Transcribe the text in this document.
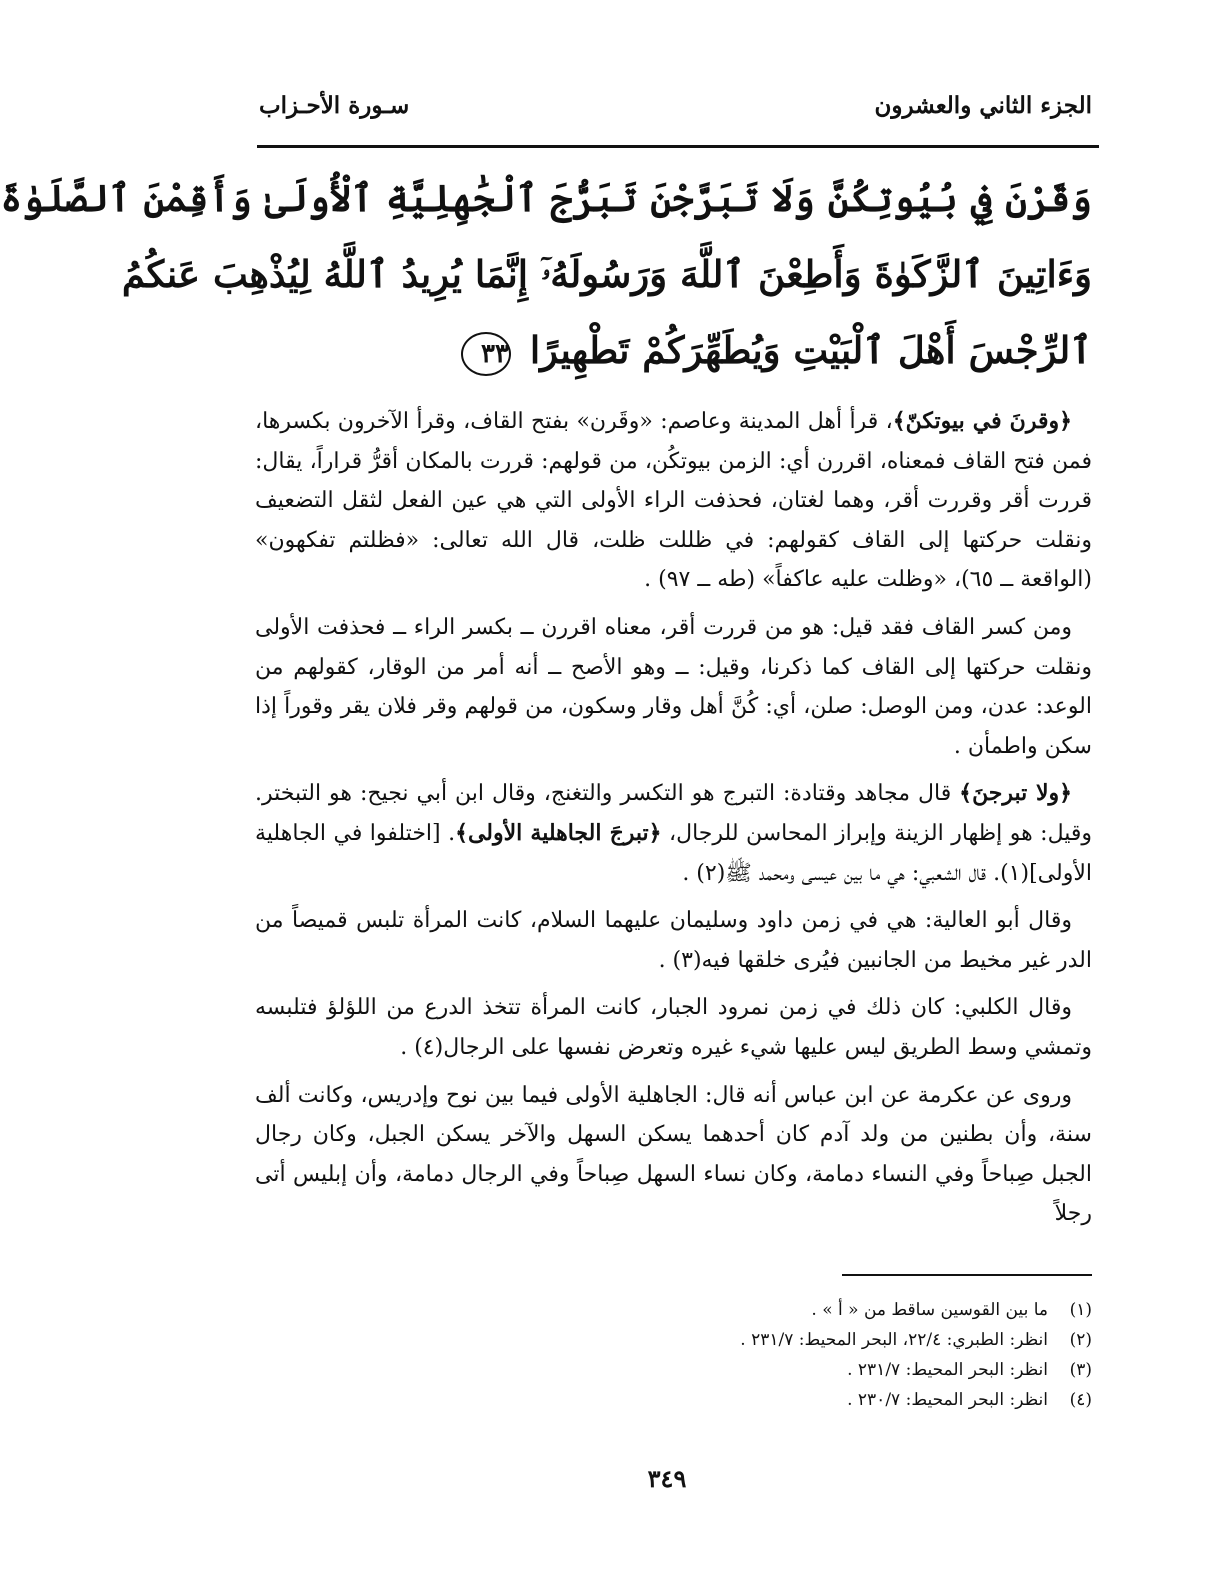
الجزء الثاني والعشرون
سـورة الأحـزاب
وَقَرْنَ فِي بُيُوتِكُنَّ وَلَا تَبَرَّجْنَ تَبَرُّجَ ٱلْجَٰهِلِيَّةِ ٱلْأُولَىٰ وَأَقِمْنَ ٱلصَّلَوٰةَ
وَءَاتِينَ ٱلزَّكَوٰةَ وَأَطِعْنَ ٱللَّهَ وَرَسُولَهُۥٓ إِنَّمَا يُرِيدُ ٱللَّهُ لِيُذْهِبَ عَنكُمُ
ٱلرِّجْسَ أَهْلَ ٱلْبَيْتِ وَيُطَهِّرَكُمْ تَطْهِيرًا ٣٣

﴿وقرنَ في بيوتكنّ﴾، قرأ أهل المدينة وعاصم: «وقَرن» بفتح القاف، وقرأ الآخرون بكسرها، فمن فتح القاف فمعناه، اقررن أي: الزمن بيوتكُن، من قولهم: قررت بالمكان أقرُّ قراراً، يقال: قررت أقر وقررت أقر، وهما لغتان، فحذفت الراء الأولى التي هي عين الفعل لثقل التضعيف ونقلت حركتها إلى القاف كقولهم: في ظللت ظلت، قال الله تعالى: «فظلتم تفكهون» (الواقعة ــ ٦٥)، «وظلت عليه عاكفاً» (طه ــ ٩٧) .

ومن كسر القاف فقد قيل: هو من قررت أقر، معناه اقررن ــ بكسر الراء ــ فحذفت الأولى ونقلت حركتها إلى القاف كما ذكرنا، وقيل: ــ وهو الأصح ــ أنه أمر من الوقار، كقولهم من الوعد: عدن، ومن الوصل: صلن، أي: كُنَّ أهل وقار وسكون، من قولهم وقر فلان يقر وقوراً إذا سكن واطمأن .

﴿ولا تبرجنَ﴾ قال مجاهد وقتادة: التبرج هو التكسر والتغنج، وقال ابن أبي نجيح: هو التبختر. وقيل: هو إظهار الزينة وإبراز المحاسن للرجال، ﴿تبرجَ الجاهلية الأولى﴾. [اختلفوا في الجاهلية الأولى](١). قال الشعبي: هي ما بين عيسى ومحمد ﷺ(٢) .

وقال أبو العالية: هي في زمن داود وسليمان عليهما السلام، كانت المرأة تلبس قميصاً من الدر غير مخيط من الجانبين فيُرى خلقها فيه(٣) .

وقال الكلبي: كان ذلك في زمن نمرود الجبار، كانت المرأة تتخذ الدرع من اللؤلؤ فتلبسه وتمشي وسط الطريق ليس عليها شيء غيره وتعرض نفسها على الرجال(٤) .

وروى عن عكرمة عن ابن عباس أنه قال: الجاهلية الأولى فيما بين نوح وإدريس، وكانت ألف سنة، وأن بطنين من ولد آدم كان أحدهما يسكن السهل والآخر يسكن الجبل، وكان رجال الجبل صِباحاً وفي النساء دمامة، وكان نساء السهل صِباحاً وفي الرجال دمامة، وأن إبليس أتى رجلاً

(١)
ما بين القوسين ساقط من « أ » .
(٢)
انظر: الطبري: ٢٢/٤، البحر المحيط: ٢٣١/٧ .
(٣)
انظر: البحر المحيط: ٢٣١/٧ .
(٤)
انظر: البحر المحيط: ٢٣٠/٧ .
٣٤٩
